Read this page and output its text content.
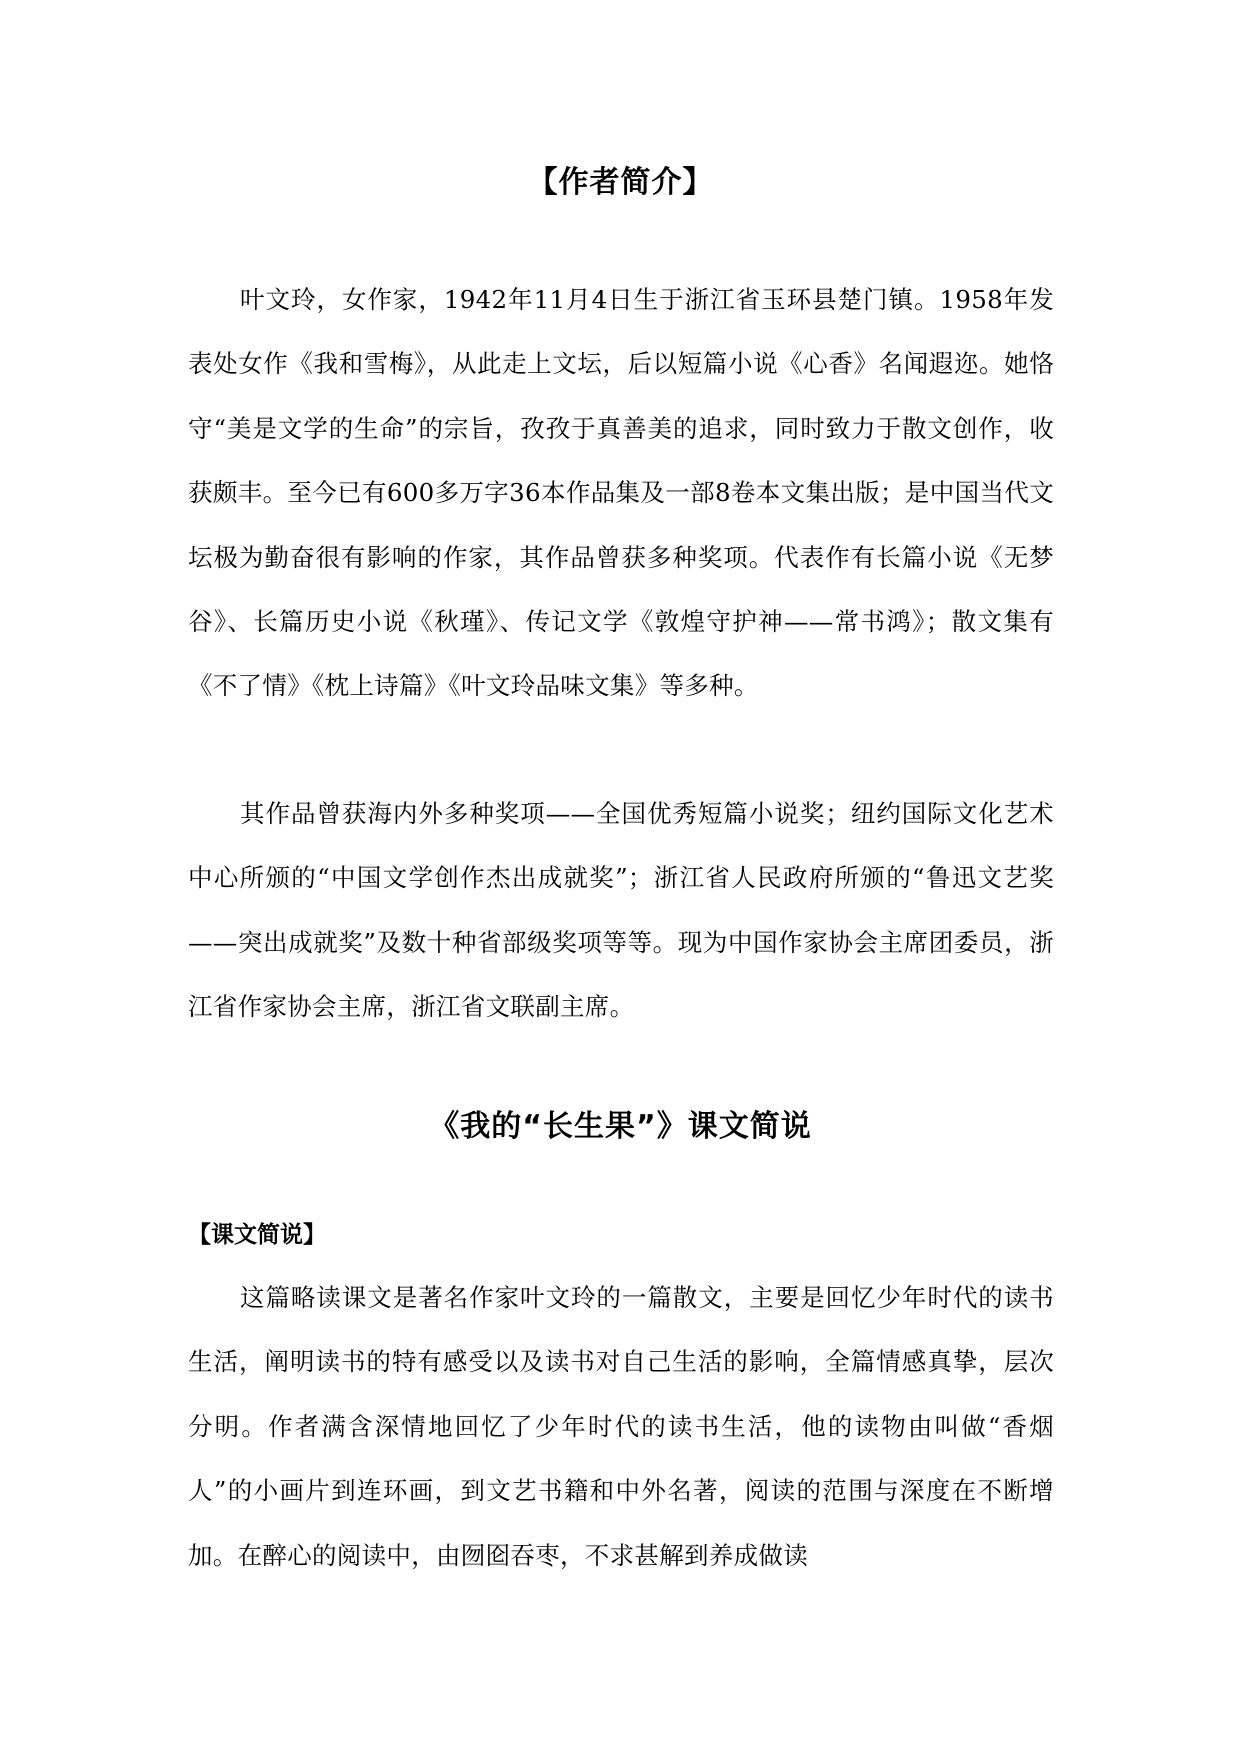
【作者简介】

叶文玲，女作家，1942年11月4日生于浙江省玉环县楚门镇。1958年发表处女作《我和雪梅》，从此走上文坛，后以短篇小说《心香》名闻遐迩。她恪守“美是文学的生命”的宗旨，孜孜于真善美的追求，同时致力于散文创作，收获颇丰。至今已有600多万字36本作品集及一部8卷本文集出版；是中国当代文坛极为勤奋很有影响的作家，其作品曾获多种奖项。代表作有长篇小说《无梦谷》、长篇历史小说《秋瑾》、传记文学《敦煌守护神——常书鸿》；散文集有《不了情》《枕上诗篇》《叶文玲品味文集》等多种。

其作品曾获海内外多种奖项——全国优秀短篇小说奖；纽约国际文化艺术中心所颁的“中国文学创作杰出成就奖”；浙江省人民政府所颁的“鲁迅文艺奖——突出成就奖”及数十种省部级奖项等等。现为中国作家协会主席团委员，浙江省作家协会主席，浙江省文联副主席。

《我的“长生果”》课文简说
【课文简说】

这篇略读课文是著名作家叶文玲的一篇散文，主要是回忆少年时代的读书生活，阐明读书的特有感受以及读书对自己生活的影响，全篇情感真挚，层次分明。作者满含深情地回忆了少年时代的读书生活，他的读物由叫做“香烟人”的小画片到连环画，到文艺书籍和中外名著，阅读的范围与深度在不断增加。在醉心的阅读中，由囫囵吞枣，不求甚解到养成做读
